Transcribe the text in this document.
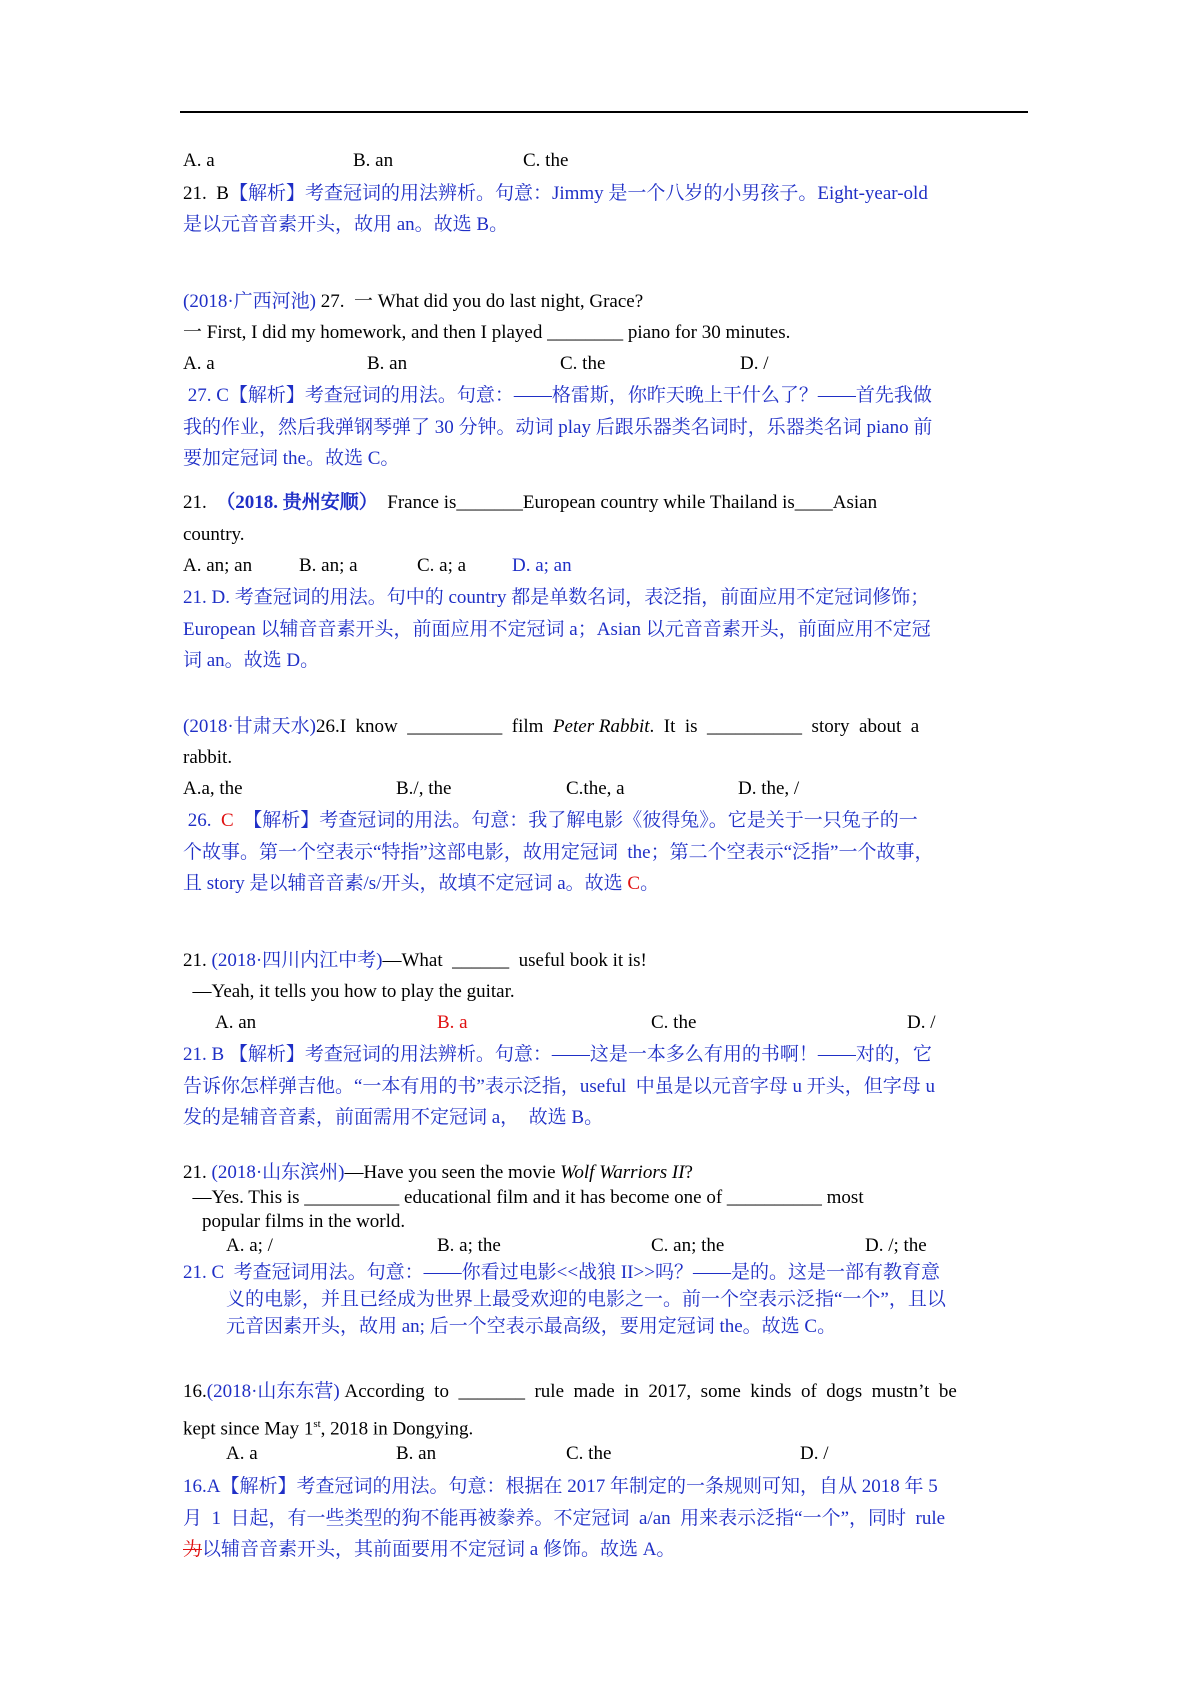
A. a	B. an	C. the
21.  B【解析】考查冠词的用法辨析。句意：Jimmy 是一个八岁的小男孩子。Eight-year-old
是以元音音素开头，故用 an。故选 B。
(2018·广西河池) 27.  一 What did you do last night, Grace?
一 First, I did my homework, and then I played ________ piano for 30 minutes.
A. a	B. an	C. the	D. /
27. C【解析】考查冠词的用法。句意：——格雷斯，你昨天晚上干什么了？——首先我做
我的作业，然后我弹钢琴弹了 30 分钟。动词 play 后跟乐器类名词时，乐器类名词 piano 前
要加定冠词 the。故选 C。
21.  （2018. 贵州安顺）  France is_______European country while Thailand is____Asian
country.
A. an; an B. an; a	C. a; a D. a; an
21. D. 考查冠词的用法。句中的 country 都是单数名词，表泛指，前面应用不定冠词修饰；
European 以辅音音素开头，前面应用不定冠词 a；Asian 以元音音素开头，前面应用不定冠
词 an。故选 D。
(2018·甘肃天水)26.I  know  __________  film  Peter Rabbit.  It  is  __________  story  about  a
rabbit.
A.a, the	B./, the	C.the, a	D. the, /
26.  C  【解析】考查冠词的用法。句意：我了解电影《彼得兔》。它是关于一只兔子的一
个故事。第一个空表示“特指”这部电影，故用定冠词  the；第二个空表示“泛指”一个故事，
且 story 是以辅音音素/s/开头，故填不定冠词 a。故选 C。
21. (2018·四川内江中考)—What  ______  useful book it is!
—Yeah, it tells you how to play the guitar.
A. an	B. a	C. the	D. /
21. B 【解析】考查冠词的用法辨析。句意：——这是一本多么有用的书啊！——对的，它
告诉你怎样弹吉他。“一本有用的书”表示泛指，useful  中虽是以元音字母 u 开头，但字母 u
发的是辅音音素，前面需用不定冠词 a，  故选 B。
21. (2018·山东滨州)—Have you seen the movie Wolf Warriors II?
—Yes. This is __________ educational film and it has become one of __________ most
popular films in the world.
A. a; /	B. a; the	C. an; the	D. /; the
21. C  考查冠词用法。句意：——你看过电影<<战狼 II>>吗？——是的。这是一部有教育意
义的电影，并且已经成为世界上最受欢迎的电影之一。前一个空表示泛指“一个”，且以
元音因素开头，故用 an; 后一个空表示最高级，要用定冠词 the。故选 C。
16.(2018·山东东营) According  to  _______  rule  made  in  2017,  some  kinds  of  dogs  mustn’t  be
kept since May 1st, 2018 in Dongying.
A. a	B. an	C. the	D. /
16.A【解析】考查冠词的用法。句意：根据在 2017 年制定的一条规则可知，自从 2018 年 5
月  1  日起，有一些类型的狗不能再被豢养。不定冠词  a/an  用来表示泛指“一个”，同时  rule
为以辅音音素开头，其前面要用不定冠词 a 修饰。故选 A。
